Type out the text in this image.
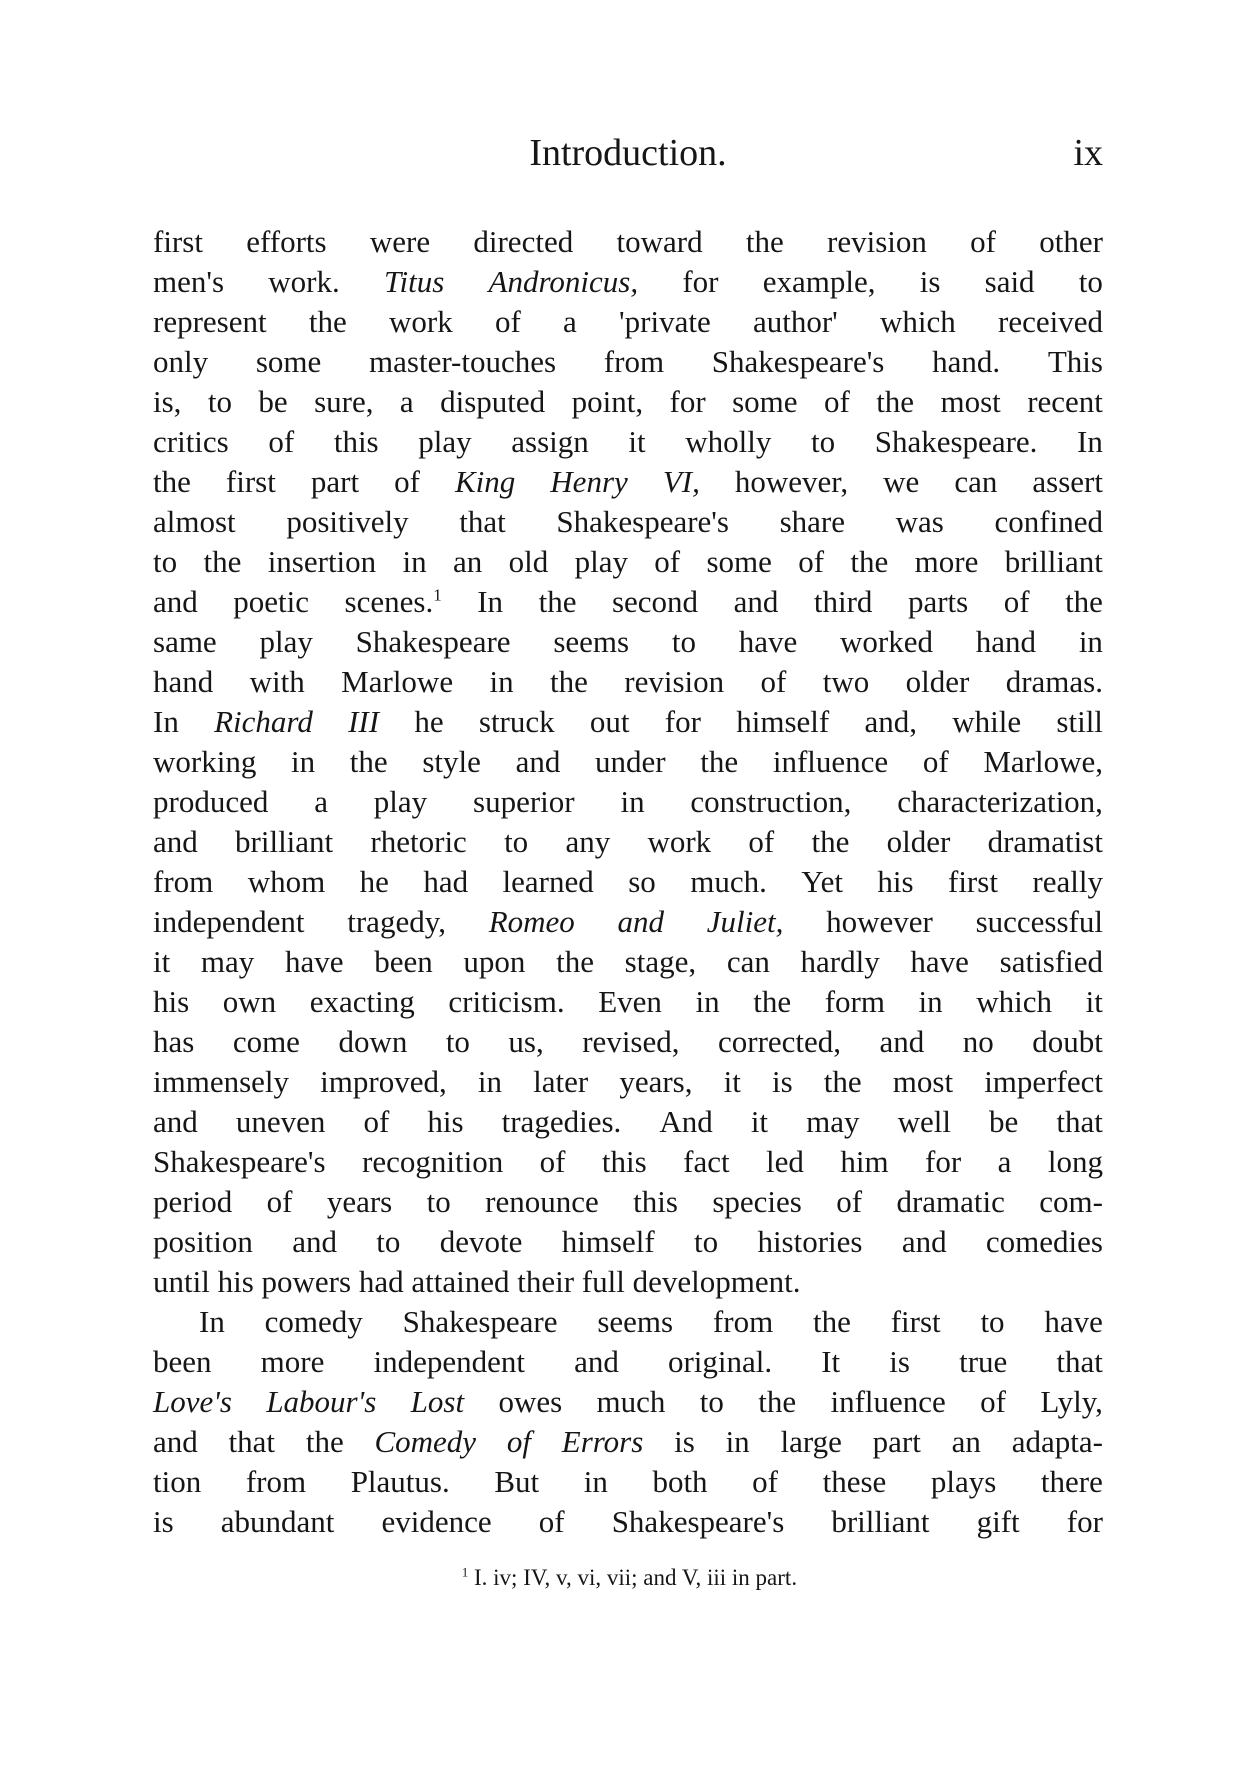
Introduction.	ix
first efforts were directed toward the revision of other
men's work. Titus Andronicus, for example, is said to
represent the work of a 'private author' which received
only some master-touches from Shakespeare's hand. This
is, to be sure, a disputed point, for some of the most recent
critics of this play assign it wholly to Shakespeare. In
the first part of King Henry VI, however, we can assert
almost positively that Shakespeare's share was confined
to the insertion in an old play of some of the more brilliant
and poetic scenes.$^1$ In the second and third parts of the
same play Shakespeare seems to have worked hand in
hand with Marlowe in the revision of two older dramas.
In Richard III he struck out for himself and, while still
working in the style and under the influence of Marlowe,
produced a play superior in construction, characterization,
and brilliant rhetoric to any work of the older dramatist
from whom he had learned so much. Yet his first really
independent tragedy, Romeo and Juliet, however successful
it may have been upon the stage, can hardly have satisfied
his own exacting criticism. Even in the form in which it
has come down to us, revised, corrected, and no doubt
immensely improved, in later years, it is the most imperfect
and uneven of his tragedies. And it may well be that
Shakespeare's recognition of this fact led him for a long
period of years to renounce this species of dramatic com-
position and to devote himself to histories and comedies
until his powers had attained their full development.
In comedy Shakespeare seems from the first to have
been more independent and original. It is true that
Love's Labour's Lost owes much to the influence of Lyly,
and that the Comedy of Errors is in large part an adapta-
tion from Plautus. But in both of these plays there
is abundant evidence of Shakespeare's brilliant gift for
$^1$ I. iv; IV, v, vi, vii; and V, iii in part.
